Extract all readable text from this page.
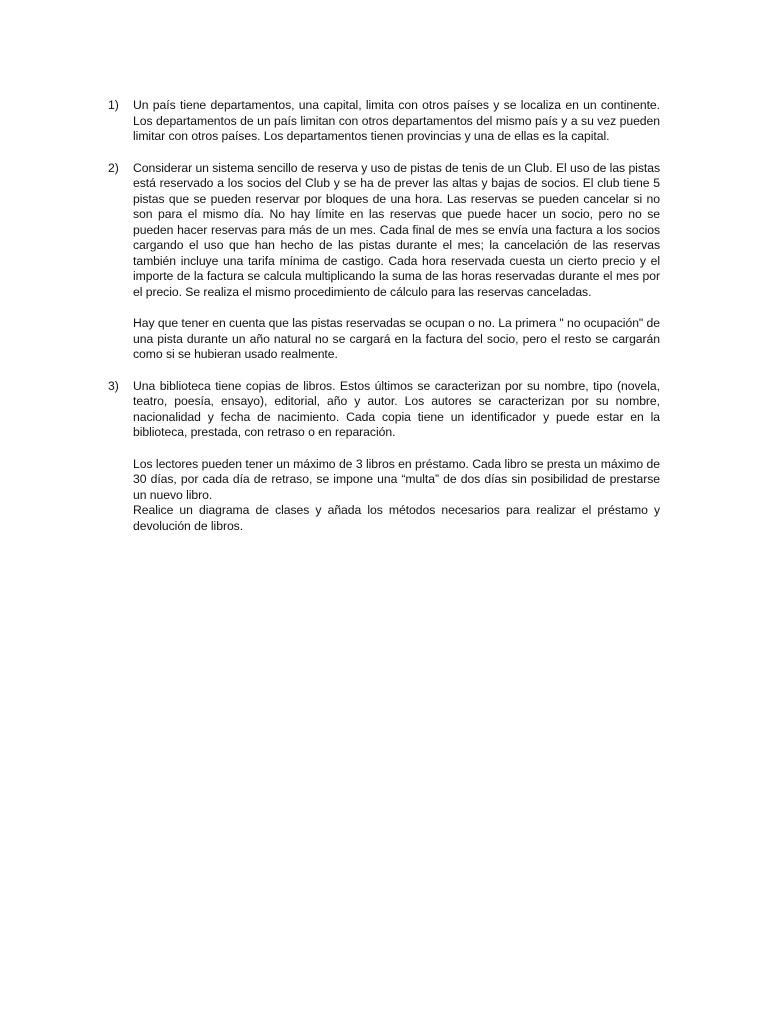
1) Un país tiene departamentos, una capital, limita con otros países y se localiza en un continente. Los departamentos de un país limitan con otros departamentos del mismo país y a su vez pueden limitar con otros países. Los departamentos tienen provincias y una de ellas es la capital.

2) Considerar un sistema sencillo de reserva y uso de pistas de tenis de un Club. El uso de las pistas está reservado a los socios del Club y se ha de prever las altas y bajas de socios. El club tiene 5 pistas que se pueden reservar por bloques de una hora. Las reservas se pueden cancelar si no son para el mismo día. No hay límite en las reservas que puede hacer un socio, pero no se pueden hacer reservas para más de un mes. Cada final de mes se envía una factura a los socios cargando el uso que han hecho de las pistas durante el mes; la cancelación de las reservas también incluye una tarifa mínima de castigo. Cada hora reservada cuesta un cierto precio y el importe de la factura se calcula multiplicando la suma de las horas reservadas durante el mes por el precio. Se realiza el mismo procedimiento de cálculo para las reservas canceladas.

Hay que tener en cuenta que las pistas reservadas se ocupan o no. La primera " no ocupación" de una pista durante un año natural no se cargará en la factura del socio, pero el resto se cargarán como si se hubieran usado realmente.

3) Una biblioteca tiene copias de libros. Estos últimos se caracterizan por su nombre, tipo (novela, teatro, poesía, ensayo), editorial, año y autor. Los autores se caracterizan por su nombre, nacionalidad y fecha de nacimiento. Cada copia tiene un identificador y puede estar en la biblioteca, prestada, con retraso o en reparación.

Los lectores pueden tener un máximo de 3 libros en préstamo. Cada libro se presta un máximo de 30 días, por cada día de retraso, se impone una “multa” de dos días sin posibilidad de prestarse un nuevo libro.

Realice un diagrama de clases y añada los métodos necesarios para realizar el préstamo y devolución de libros.
